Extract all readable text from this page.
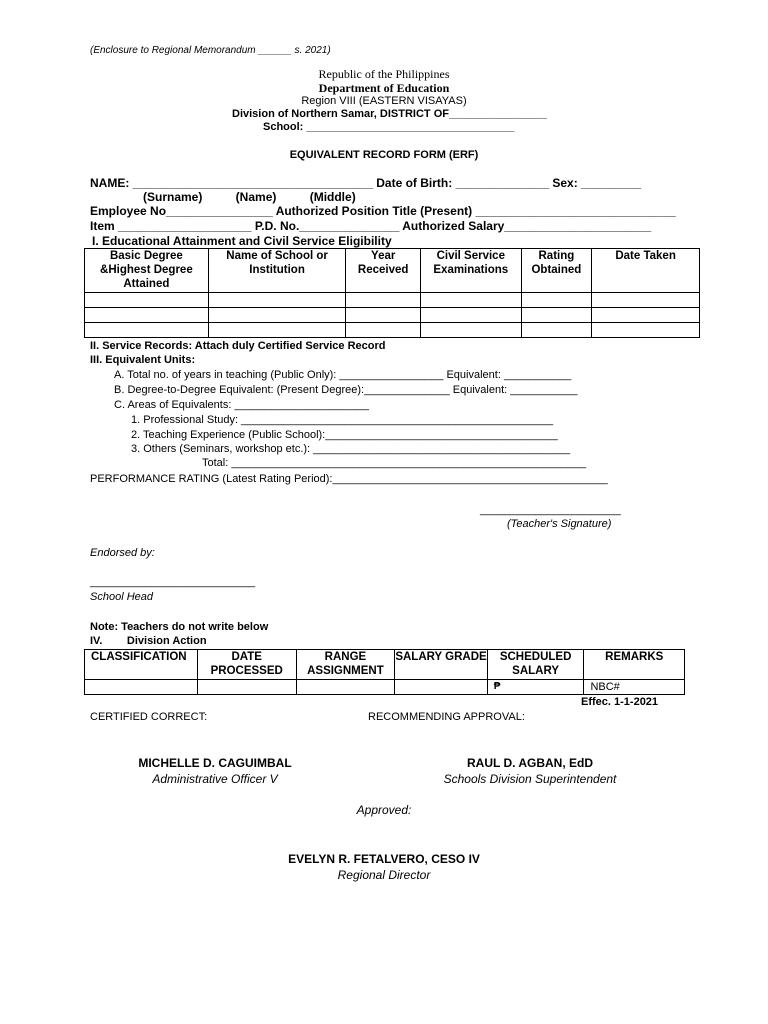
(Enclosure to Regional Memorandum ______ s. 2021)
Republic of the Philippines
Department of Education
Region VIII (EASTERN VISAYAS)
Division of Northern Samar, DISTRICT OF________________
School: __________________________________
EQUIVALENT RECORD FORM (ERF)
NAME: ____________________________________ Date of Birth: ______________ Sex: _________
(Surname)          (Name)          (Middle)
Employee No________________ Authorized Position Title (Present) ______________________________
Item ____________________ P.D. No._______________ Authorized Salary______________________
I. Educational Attainment and Civil Service Eligibility
Basic Degree &Highest Degree Attained	Name of School or Institution	Year Received	Civil Service Examinations	Rating Obtained	Date Taken

II. Service Records: Attach duly Certified Service Record
III. Equivalent Units:
A. Total no. of years in teaching (Public Only): _________________ Equivalent: ___________
B. Degree-to-Degree Equivalent: (Present Degree):______________ Equivalent: ___________
C. Areas of Equivalents: ______________________
1. Professional Study: ___________________________________________________
2. Teaching Experience (Public School):______________________________________
3. Others (Seminars, workshop etc.): __________________________________________
Total: __________________________________________________________
PERFORMANCE RATING (Latest Rating Period):_____________________________________________
_______________________
(Teacher's Signature)
Endorsed by:
___________________________
School Head
Note: Teachers do not write below
IV.        Division Action
CLASSIFICATION	DATE PROCESSED	RANGE ASSIGNMENT	SALARY GRADE	SCHEDULED SALARY	REMARKS
				₱	NBC#
Effec. 1-1-2021
CERTIFIED CORRECT:	RECOMMENDING APPROVAL:
MICHELLE D. CAGUIMBAL
Administrative Officer V
RAUL D. AGBAN, EdD
Schools Division Superintendent
Approved:
EVELYN R. FETALVERO, CESO IV
Regional Director
